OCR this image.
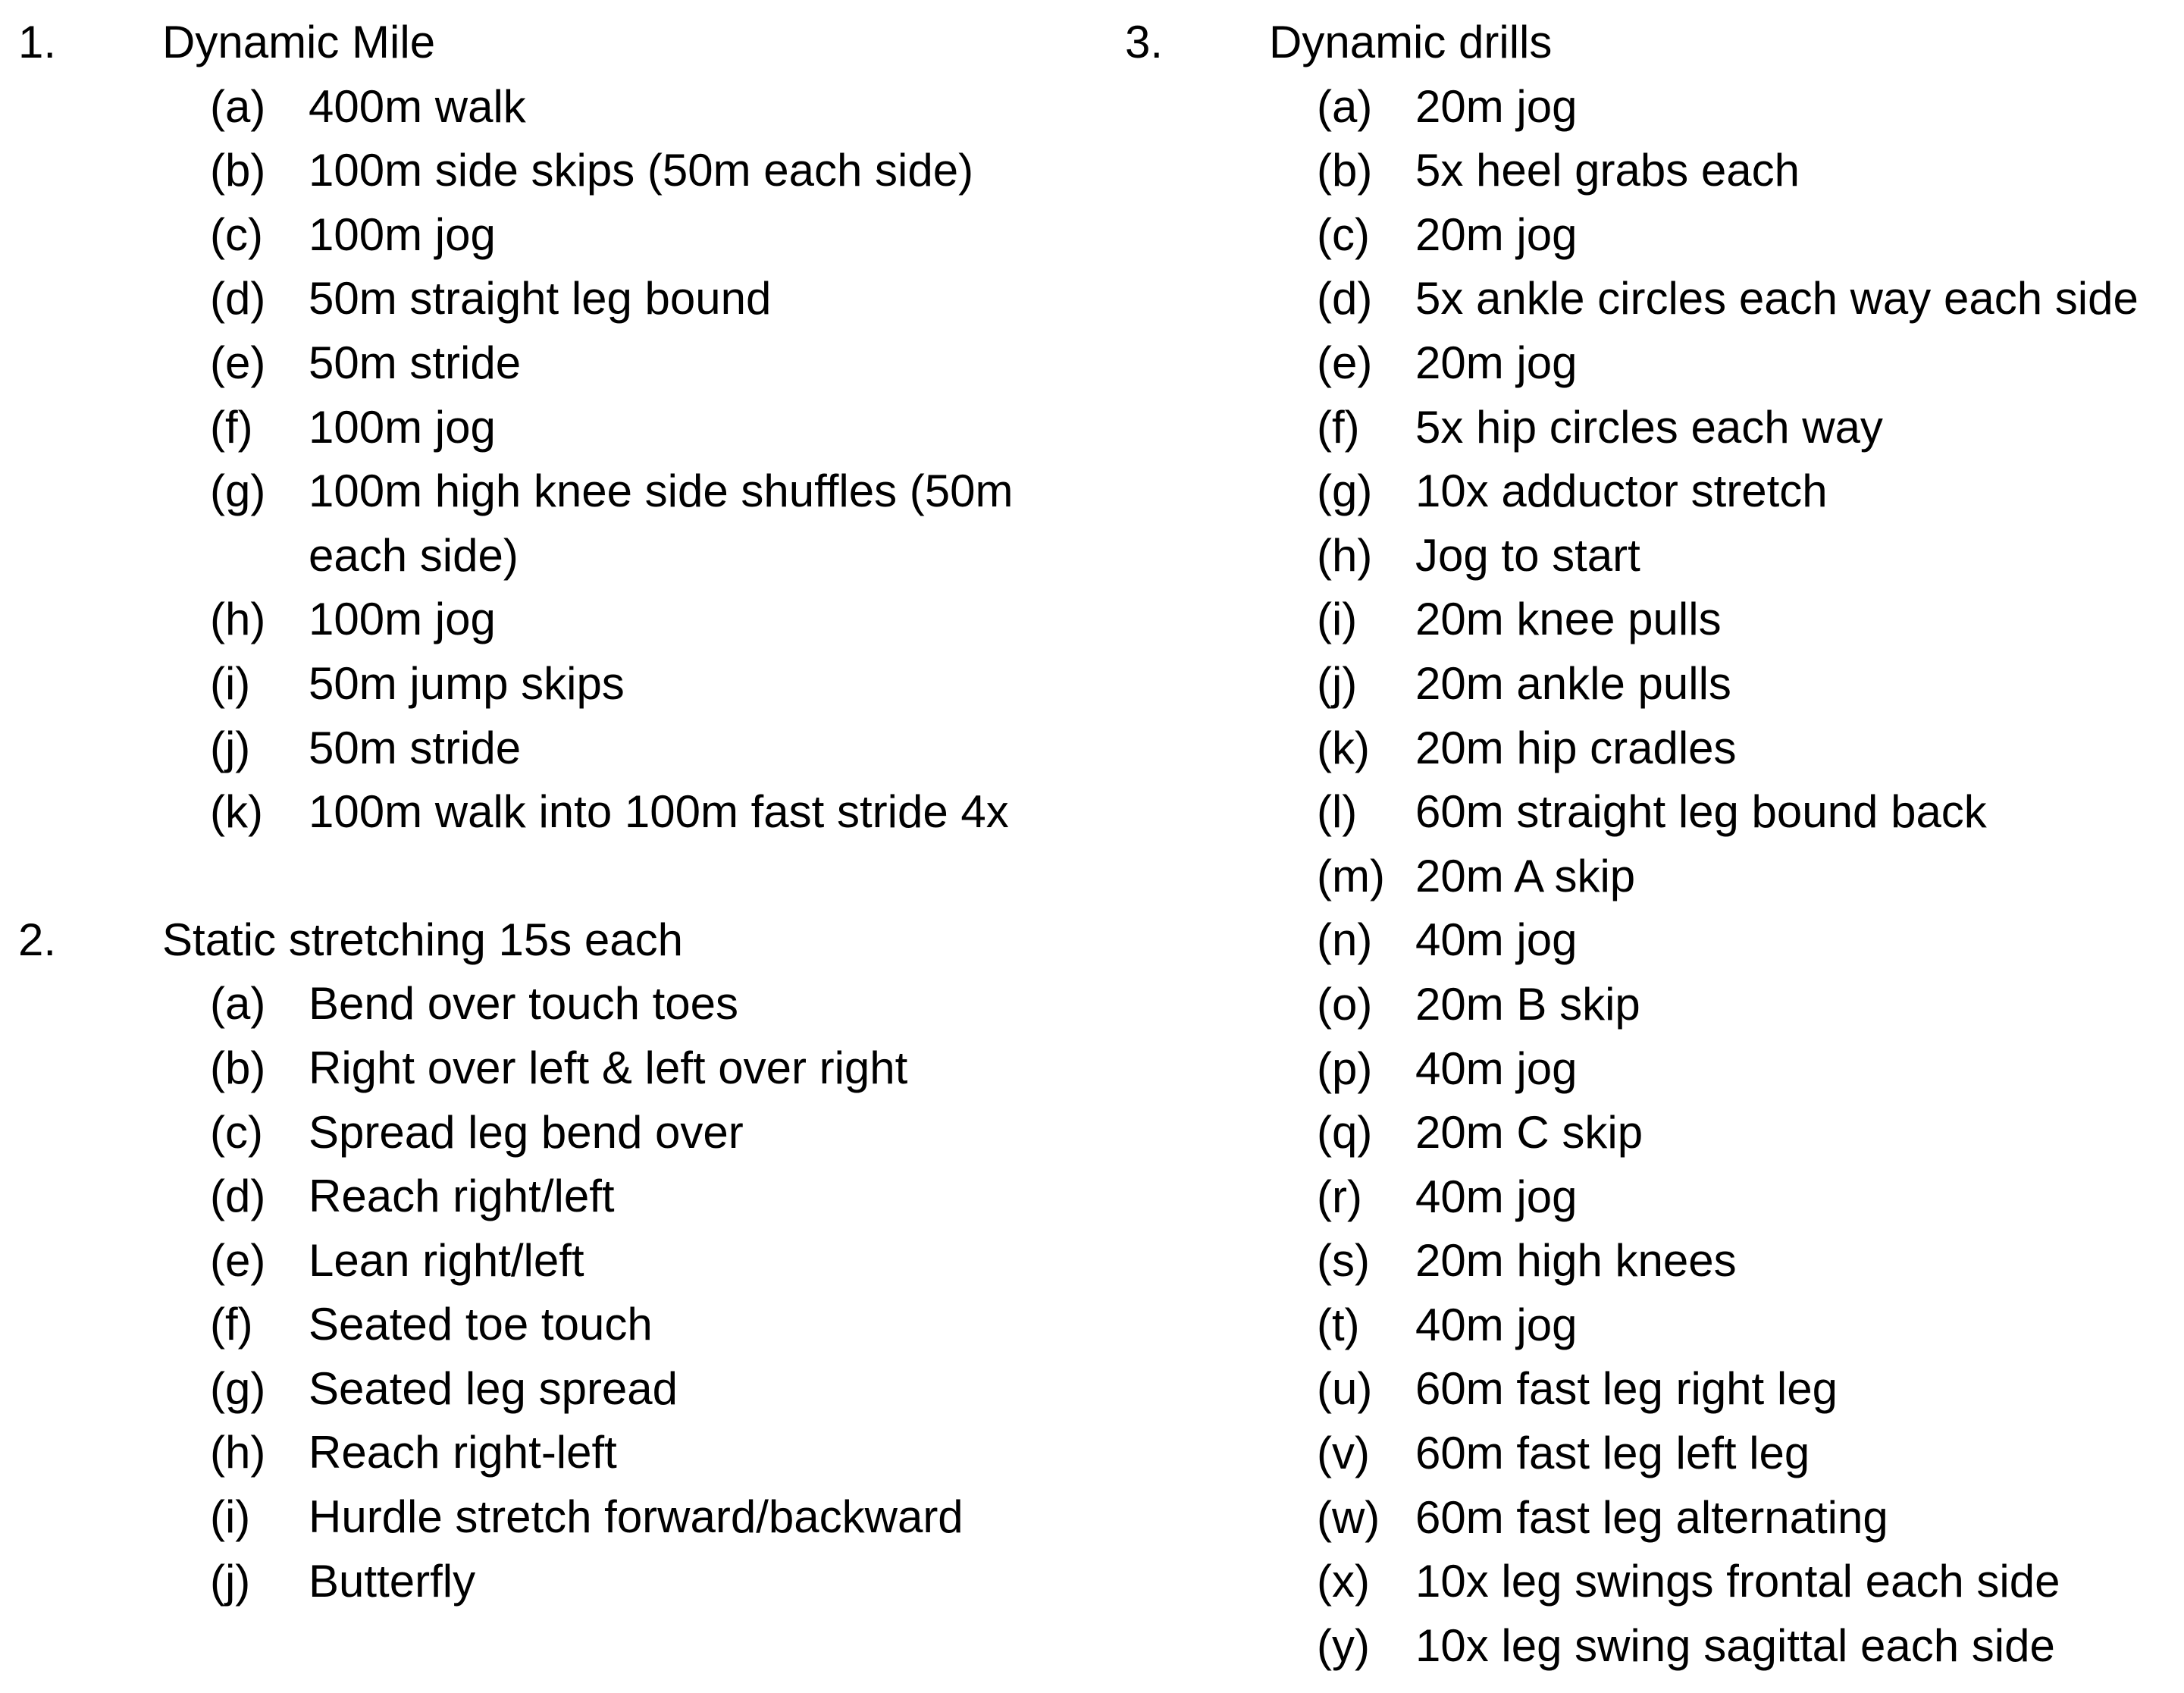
1.	Dynamic Mile
(a) 400m walk
(b) 100m side skips (50m each side)
(c)	100m jog
(d) 50m straight leg bound
(e) 50m stride
(f)	100m jog
(g) 100m high knee side shuffles (50m each side)
(h) 100m jog
(i)	50m jump skips
(j)	50m stride
(k)	100m walk into 100m fast stride 4x
2.	Static stretching 15s each
(a) Bend over touch toes
(b) Right over left & left over right
(c)	Spread leg bend over
(d) Reach right/left
(e) Lean right/left
(f)	Seated toe touch
(g) Seated leg spread
(h) Reach right-left
(i)	Hurdle stretch forward/backward
(j)	Butterfly
3.	Dynamic drills
(a) 20m jog
(b) 5x heel grabs each
(c)	20m jog
(d) 5x ankle circles each way each side
(e) 20m jog
(f)	5x hip circles each way
(g) 10x adductor stretch
(h) Jog to start
(i)	20m knee pulls
(j)	20m ankle pulls
(k)	20m hip cradles
(l)	60m straight leg bound back
(m) 20m A skip
(n) 40m jog
(o) 20m B skip
(p) 40m jog
(q) 20m C skip
(r)	40m jog
(s)	20m high knees
(t)	40m jog
(u) 60m fast leg right leg
(v)	60m fast leg left leg
(w) 60m fast leg alternating
(x)	10x leg swings frontal each side
(y)	10x leg swing sagittal each side
